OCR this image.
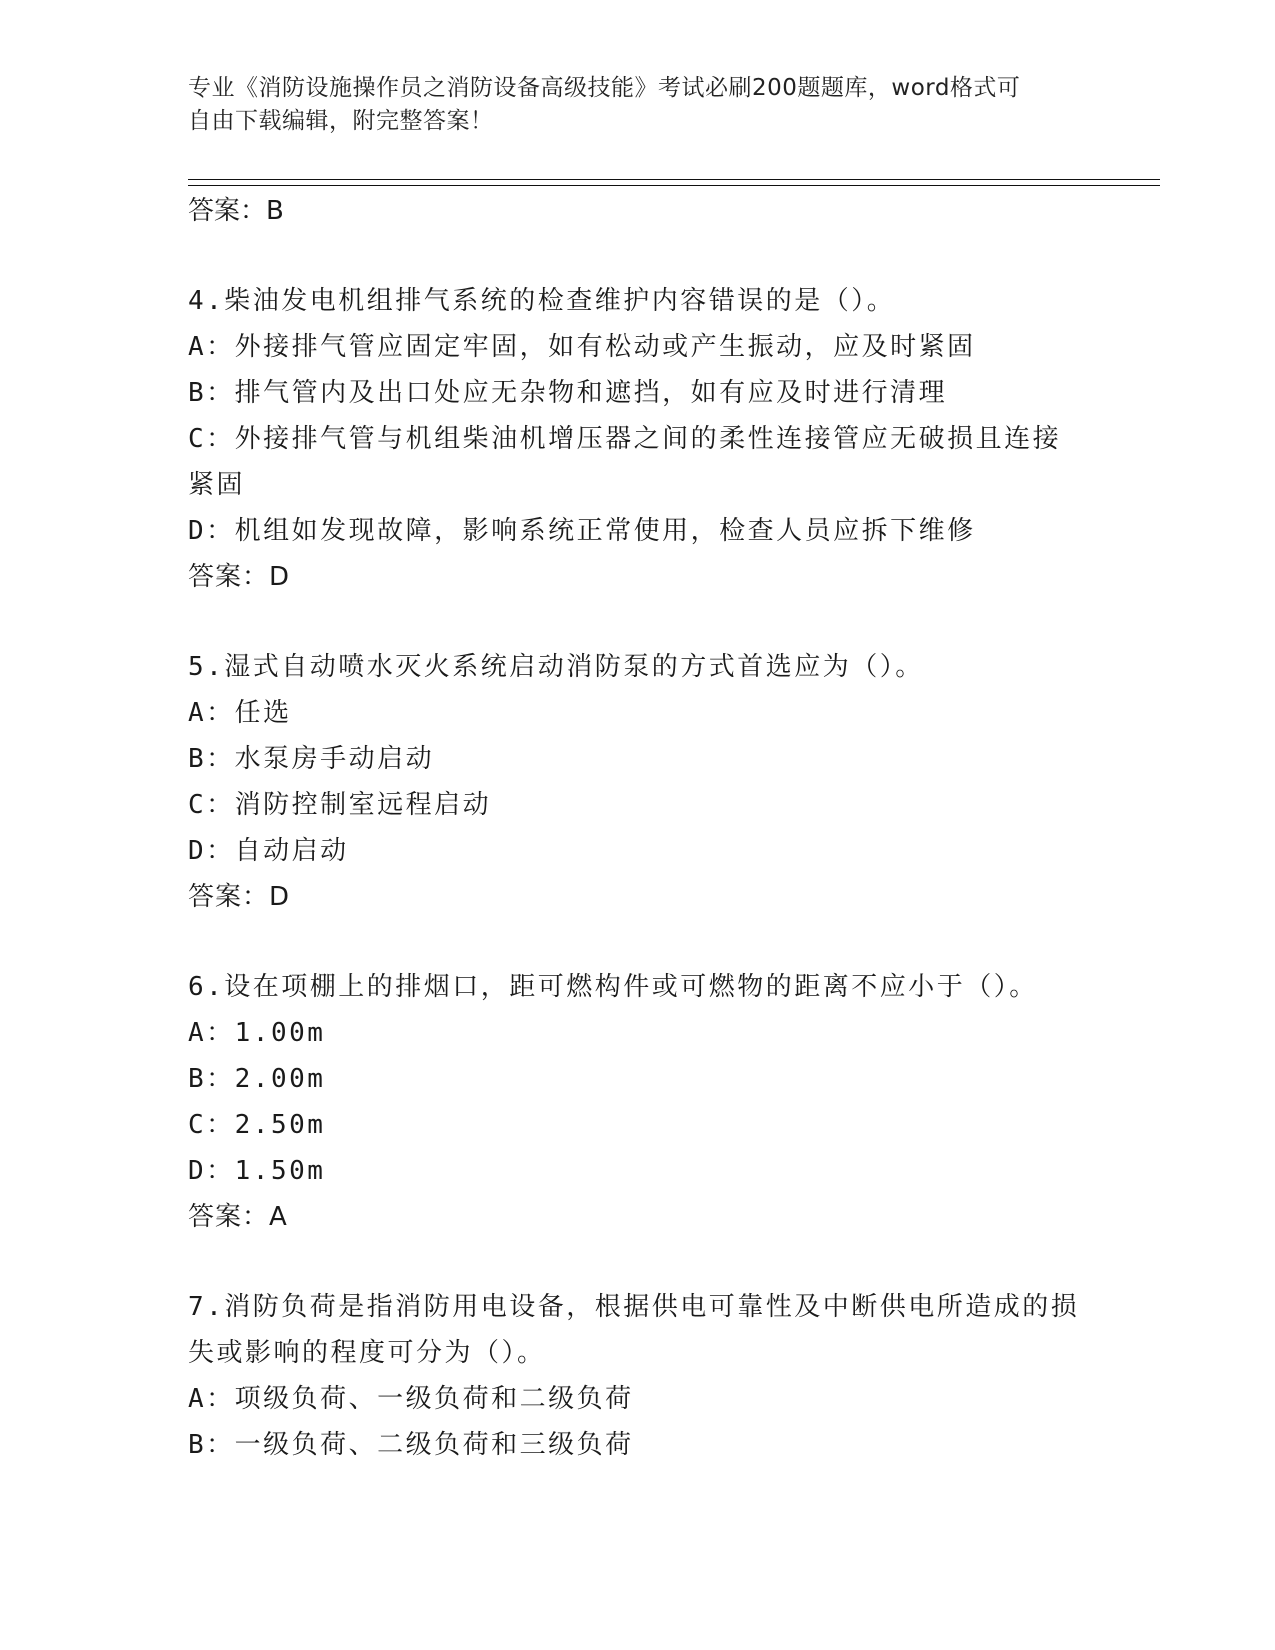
专业《消防设施操作员之消防设备高级技能》考试必刷200题题库，word格式可
自由下载编辑，附完整答案！
答案：B
4.柴油发电机组排气系统的检查维护内容错误的是（）。
A：外接排气管应固定牢固，如有松动或产生振动，应及时紧固
B：排气管内及出口处应无杂物和遮挡，如有应及时进行清理
C：外接排气管与机组柴油机增压器之间的柔性连接管应无破损且连接紧固
D：机组如发现故障，影响系统正常使用，检查人员应拆下维修
答案：D
5.湿式自动喷水灭火系统启动消防泵的方式首选应为（）。
A：任选
B：水泵房手动启动
C：消防控制室远程启动
D：自动启动
答案：D
6.设在项棚上的排烟口，距可燃构件或可燃物的距离不应小于（）。
A：1.00m
B：2.00m
C：2.50m
D：1.50m
答案：A
7.消防负荷是指消防用电设备，根据供电可靠性及中断供电所造成的损失或影响的程度可分为（）。
A：项级负荷、一级负荷和二级负荷
B：一级负荷、二级负荷和三级负荷
